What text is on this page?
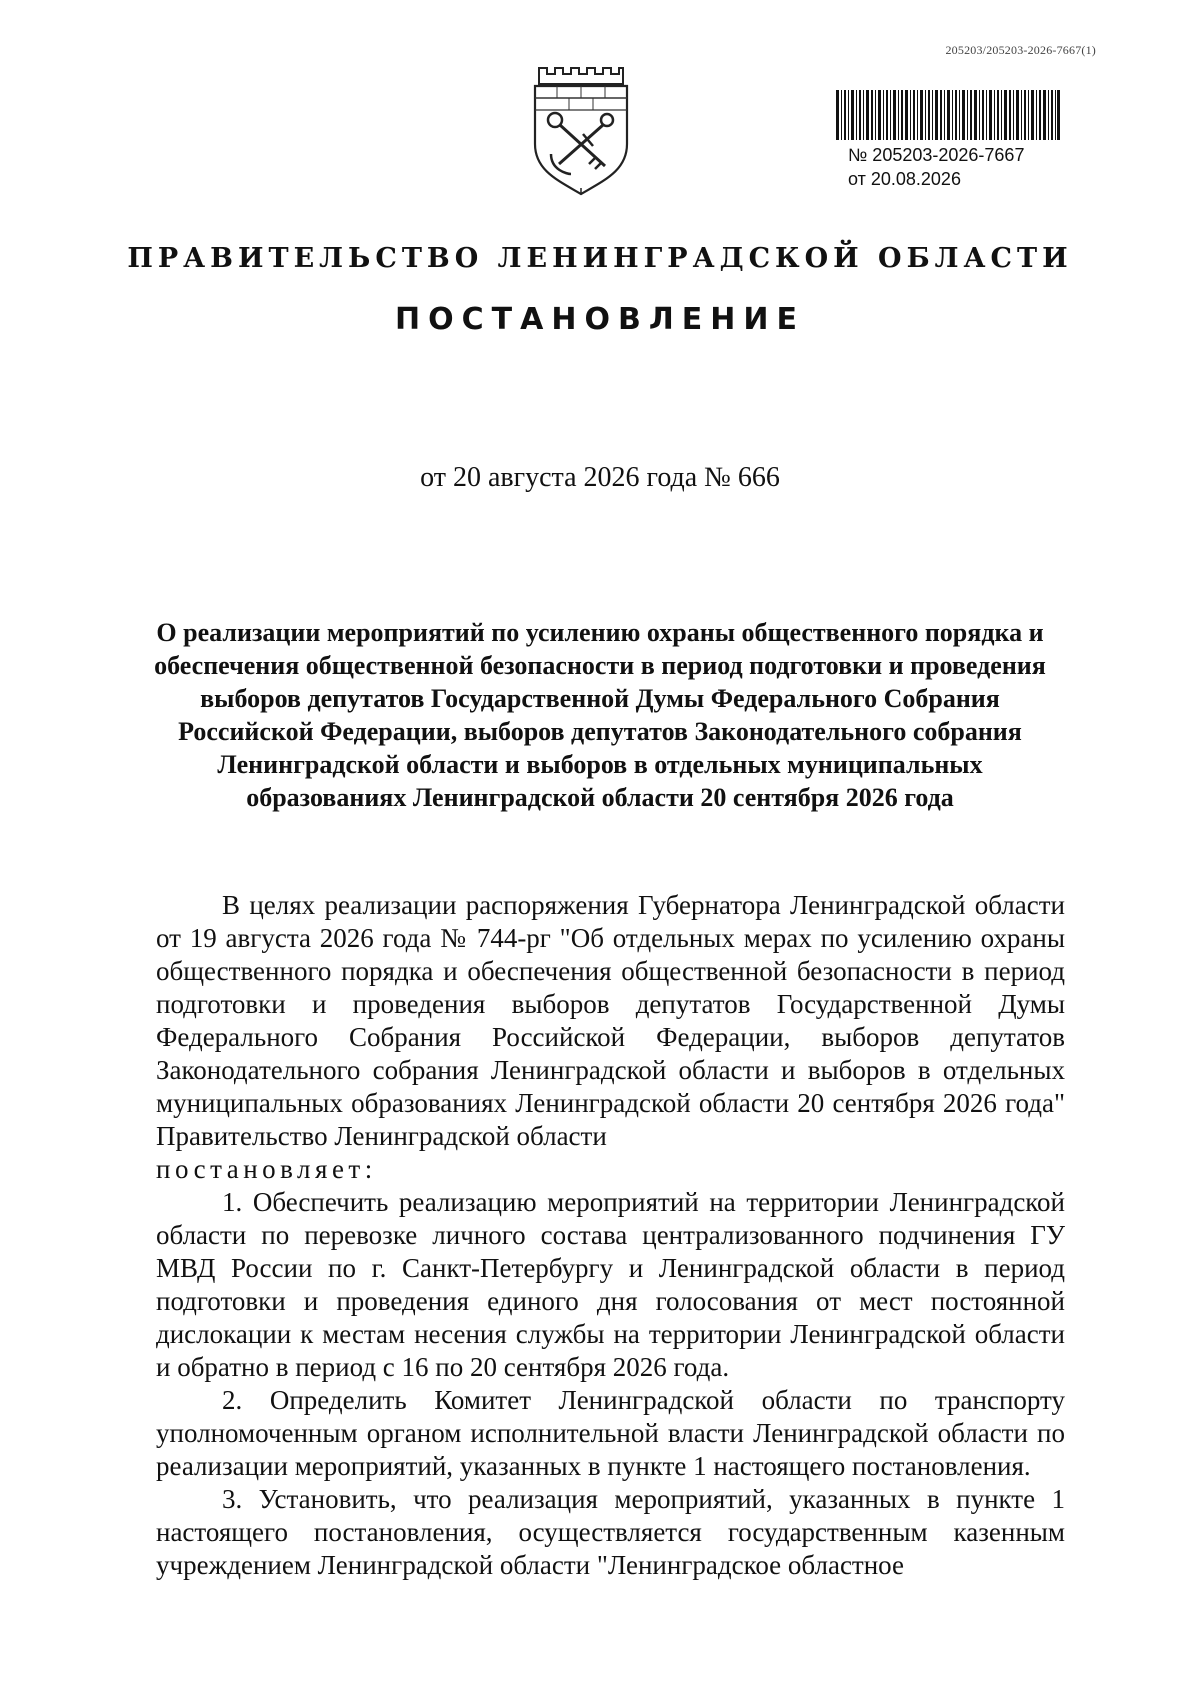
205203/205203-2026-7667(1)
№ 205203-2026-7667
от 20.08.2026
ПРАВИТЕЛЬСТВО ЛЕНИНГРАДСКОЙ ОБЛАСТИ
ПОСТАНОВЛЕНИЕ
от 20 августа 2026 года № 666
О реализации мероприятий по усилению охраны общественного порядка и обеспечения общественной безопасности в период подготовки и проведения выборов депутатов Государственной Думы Федерального Собрания Российской Федерации, выборов депутатов Законодательного собрания Ленинградской области и выборов в отдельных муниципальных образованиях Ленинградской области 20 сентября 2026 года

В целях реализации распоряжения Губернатора Ленинградской области от 19 августа 2026 года № 744-рг "Об отдельных мерах по усилению охраны общественного порядка и обеспечения общественной безопасности в период подготовки и проведения выборов депутатов Государственной Думы Федерального Собрания Российской Федерации, выборов депутатов Законодательного собрания Ленинградской области и выборов в отдельных муниципальных образованиях Ленинградской области 20 сентября 2026 года" Правительство Ленинградской области

постановляет:

1. Обеспечить реализацию мероприятий на территории Ленинградской области по перевозке личного состава централизованного подчинения ГУ МВД России по г. Санкт-Петербургу и Ленинградской области в период подготовки и проведения единого дня голосования от мест постоянной дислокации к местам несения службы на территории Ленинградской области и обратно в период с 16 по 20 сентября 2026 года.

2. Определить Комитет Ленинградской области по транспорту уполномоченным органом исполнительной власти Ленинградской области по реализации мероприятий, указанных в пункте 1 настоящего постановления.

3. Установить, что реализация мероприятий, указанных в пункте 1 настоящего постановления, осуществляется государственным казенным учреждением Ленинградской области "Ленинградское областное
